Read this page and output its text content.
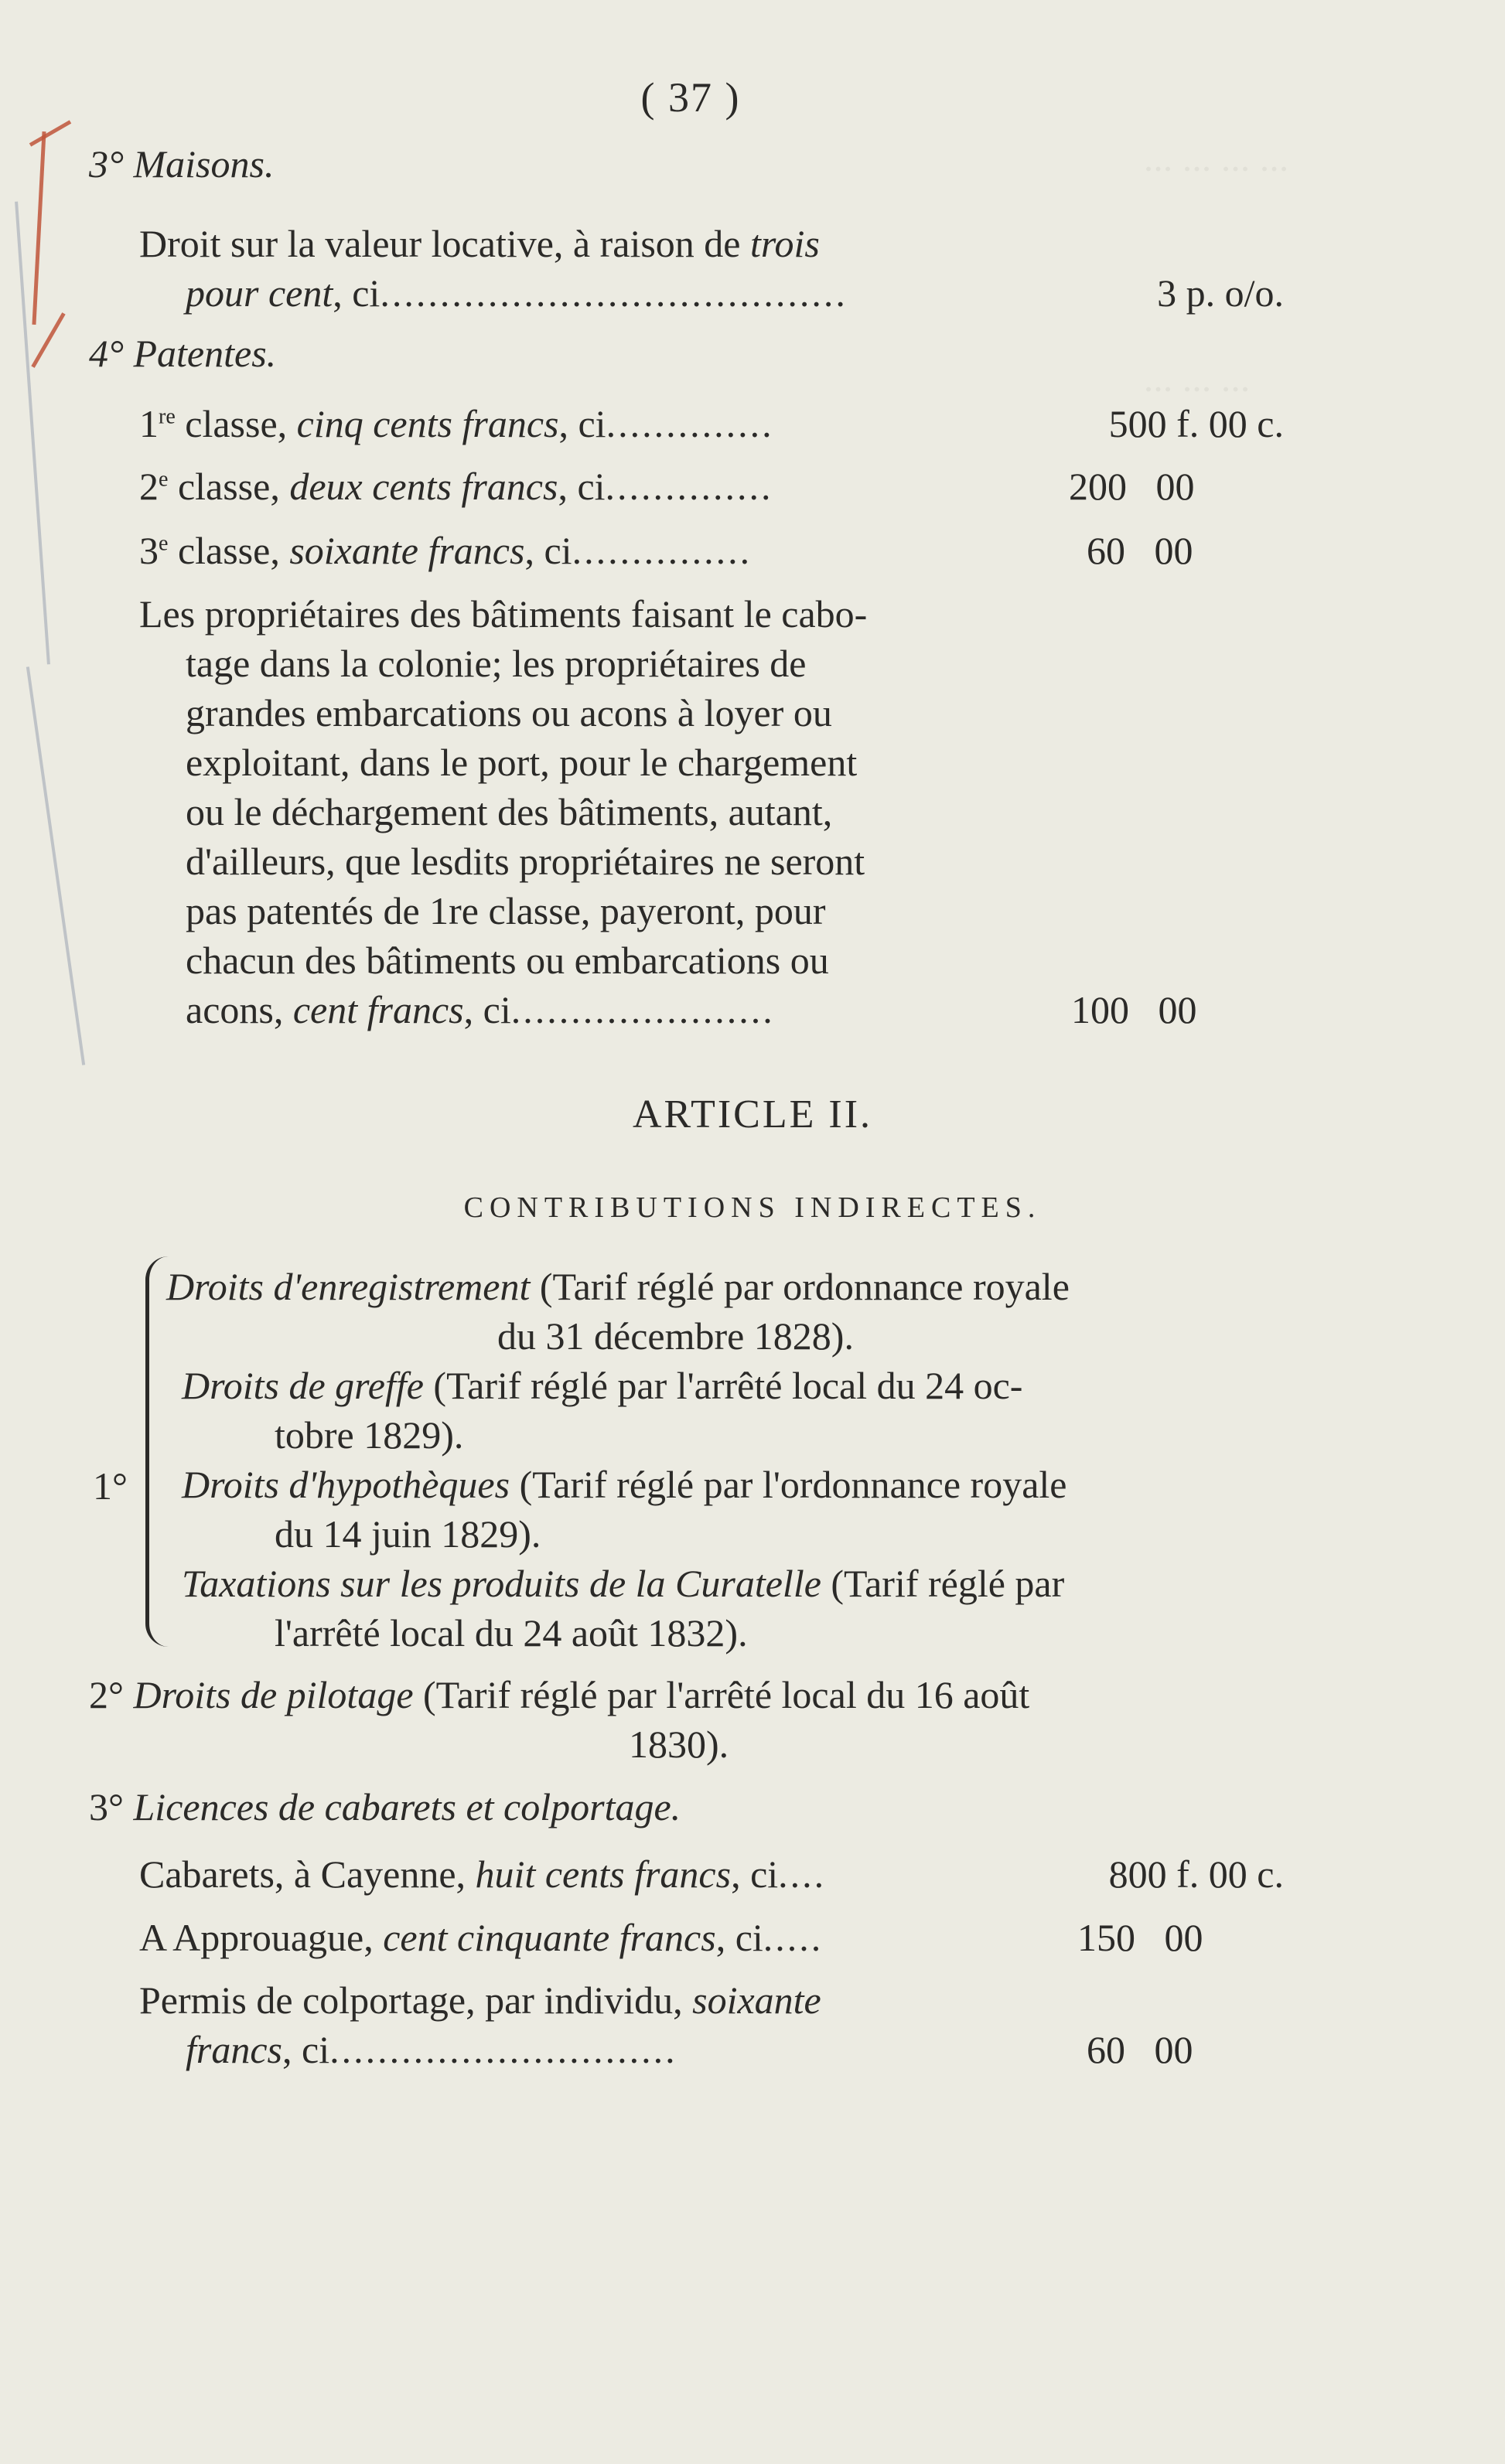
... ... ... ...
... ... ...
( 37 )
3° Maisons.
Droit sur la valeur locative, à raison de trois
pour cent, ci.......................................	3 p. o/o.
4° Patentes.
1re classe, cinq cents francs, ci..............	500 f. 00 c.
2e classe, deux cents francs, ci..............	200   00
3e classe, soixante francs, ci...............	60   00
Les propriétaires des bâtiments faisant le cabo-
tage dans la colonie; les propriétaires de
grandes embarcations ou acons à loyer ou
exploitant, dans le port, pour le chargement
ou le déchargement des bâtiments, autant,
d'ailleurs, que lesdits propriétaires ne seront
pas patentés de 1re classe, payeront, pour
chacun des bâtiments ou embarcations ou
acons, cent francs, ci......................	100   00
ARTICLE II.
CONTRIBUTIONS INDIRECTES.
1°
Droits d'enregistrement (Tarif réglé par ordonnance royale
du 31 décembre 1828).
Droits de greffe (Tarif réglé par l'arrêté local du 24 oc-
tobre 1829).
Droits d'hypothèques (Tarif réglé par l'ordonnance royale
du 14 juin 1829).
Taxations sur les produits de la Curatelle (Tarif réglé par
l'arrêté local du 24 août 1832).
2° Droits de pilotage (Tarif réglé par l'arrêté local du 16 août
1830).
3° Licences de cabarets et colportage.
Cabarets, à Cayenne, huit cents francs, ci....	800 f. 00 c.
A Approuague, cent cinquante francs, ci.....	150   00
Permis de colportage, par individu, soixante
francs, ci.............................	60   00
